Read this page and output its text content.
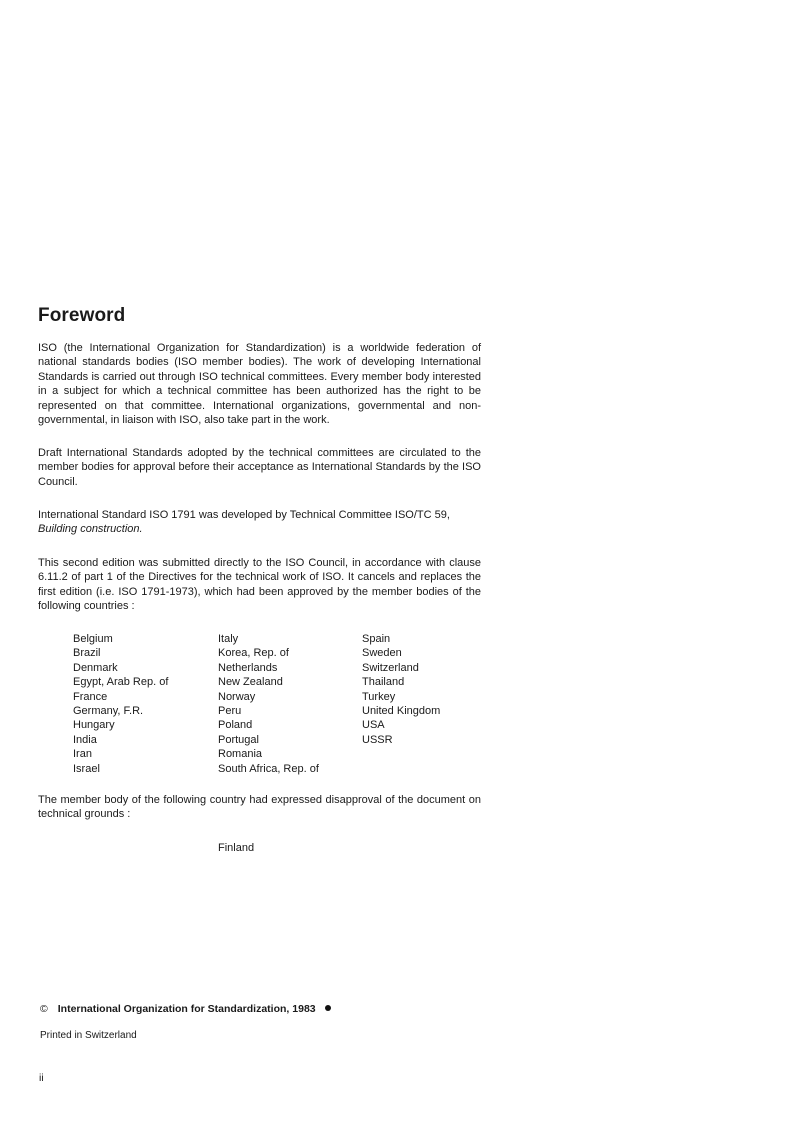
Foreword

ISO (the International Organization for Standardization) is a worldwide federation of national standards bodies (ISO member bodies). The work of developing International Standards is carried out through ISO technical committees. Every member body interested in a subject for which a technical committee has been authorized has the right to be represented on that committee. International organizations, governmental and non-governmental, in liaison with ISO, also take part in the work.

Draft International Standards adopted by the technical committees are circulated to the member bodies for approval before their acceptance as International Standards by the ISO Council.

International Standard ISO 1791 was developed by Technical Committee ISO/TC 59,
Building construction.

This second edition was submitted directly to the ISO Council, in accordance with clause 6.11.2 of part 1 of the Directives for the technical work of ISO. It cancels and replaces the first edition (i.e. ISO 1791-1973), which had been approved by the member bodies of the following countries :

Belgium
Brazil
Denmark
Egypt, Arab Rep. of
France
Germany, F.R.
Hungary
India
Iran
Israel
Italy
Korea, Rep. of
Netherlands
New Zealand
Norway
Peru
Poland
Portugal
Romania
South Africa, Rep. of
Spain
Sweden
Switzerland
Thailand
Turkey
United Kingdom
USA
USSR

The member body of the following country had expressed disapproval of the document on technical grounds :

Finland
© International Organization for Standardization, 1983
Printed in Switzerland
ii
